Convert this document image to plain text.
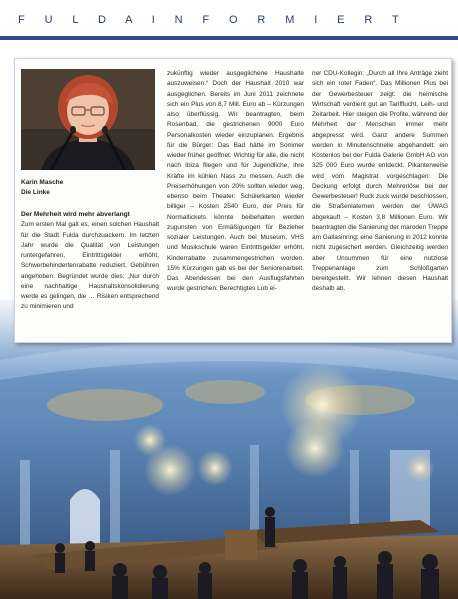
F U L D A I N F O R M I E R T
Karin Masche
Die Linke

Der Mehrheit wird mehr abverlangt

Zum ersten Mal galt es, einen solchen Haushalt für die Stadt Fulda durchzuackern. Im letzten Jahr wurde die Qualität von Leistungen runtergefahren, Eintrittsgelder erhöht, Schwerbehindertenrabatte reduziert, Gebühren angehoben. Begründet wurde dies: „Nur durch eine nachhaltige Haushaltskonsolidierung werde es gelingen, die … Risiken entsprechend zu minimieren und

zukünftig wieder ausgeglichene Haushalte auszuweisen.“ Doch der Haushalt 2010 war ausgeglichen. Bereits im Juni 2011 zeichnete sich ein Plus von 8,7 Mill. Euro ab – Kürzungen also überflüssig. Wir beantragten, beim Rosenbad, die gestrichenen 9000 Euro Personalkosten wieder einzuplanen. Ergebnis für die Bürger: Das Bad hätte im Sommer wieder früher geöffnet. Wichtig für alle, die nicht nach Ibiza fliegen und für Jugendliche, ihre Kräfte im kühlen Nass zu messen. Auch die Preiserhöhungen von 20% sollten wieder weg, ebenso beim Theater: Schülerkarten wieder billiger – Kosten 2540 Euro, der Preis für Normaltickets könnte beibehalten werden zugunsten von Ermäßigungen für Bezieher sozialer Leistungen. Auch bei Museum, VHS und Musikschule waren Eintrittsgelder erhöht, Kinderrabatte zusammengestrichen worden. 15% Kürzungen gab es bei der Seniorenarbeit. Das Abendessen bei den Ausflugsfahrten wurde gestrichen. Berechtigtes Lob ei-

ner CDU-Kollegin: „Durch all Ihre Anträge zieht sich ein roter Faden“. Das Millionen Plus bei der Gewerbesteuer zeigt: die heimische Wirtschaft verdient gut an Tarifflucht, Leih- und Zeitarbeit. Hier steigen die Profite, während der Mehrheit der Menschen immer mehr abgepresst wird. Ganz andere Summen werden in Minutenschnelle abgehandelt: ein Kostenlos bei der Fulda Galerie GmbH AG von 325 000 Euro wurde entdeckt. Pikanterweise wird vom Magistrat vorgeschlagen: Die Deckung erfolgt durch Mehrerlöse bei der Gewerbesteuer! Ruck zuck wurde beschlossen, die Straßenlaternen werden der ÜWAG abgekauft – Kosten 3,8 Millionen Euro. Wir beantragten die Sanierung der maroden Treppe am Gallasinring: eine Sanierung in 2012 konnte nicht zugesichert werden. Gleichzeitig werden aber Unsummen für eine nutzlose Treppenanlage zum Schloßgarten bereitgestellt. Wir lehnen diesen Haushalt deshalb ab.
